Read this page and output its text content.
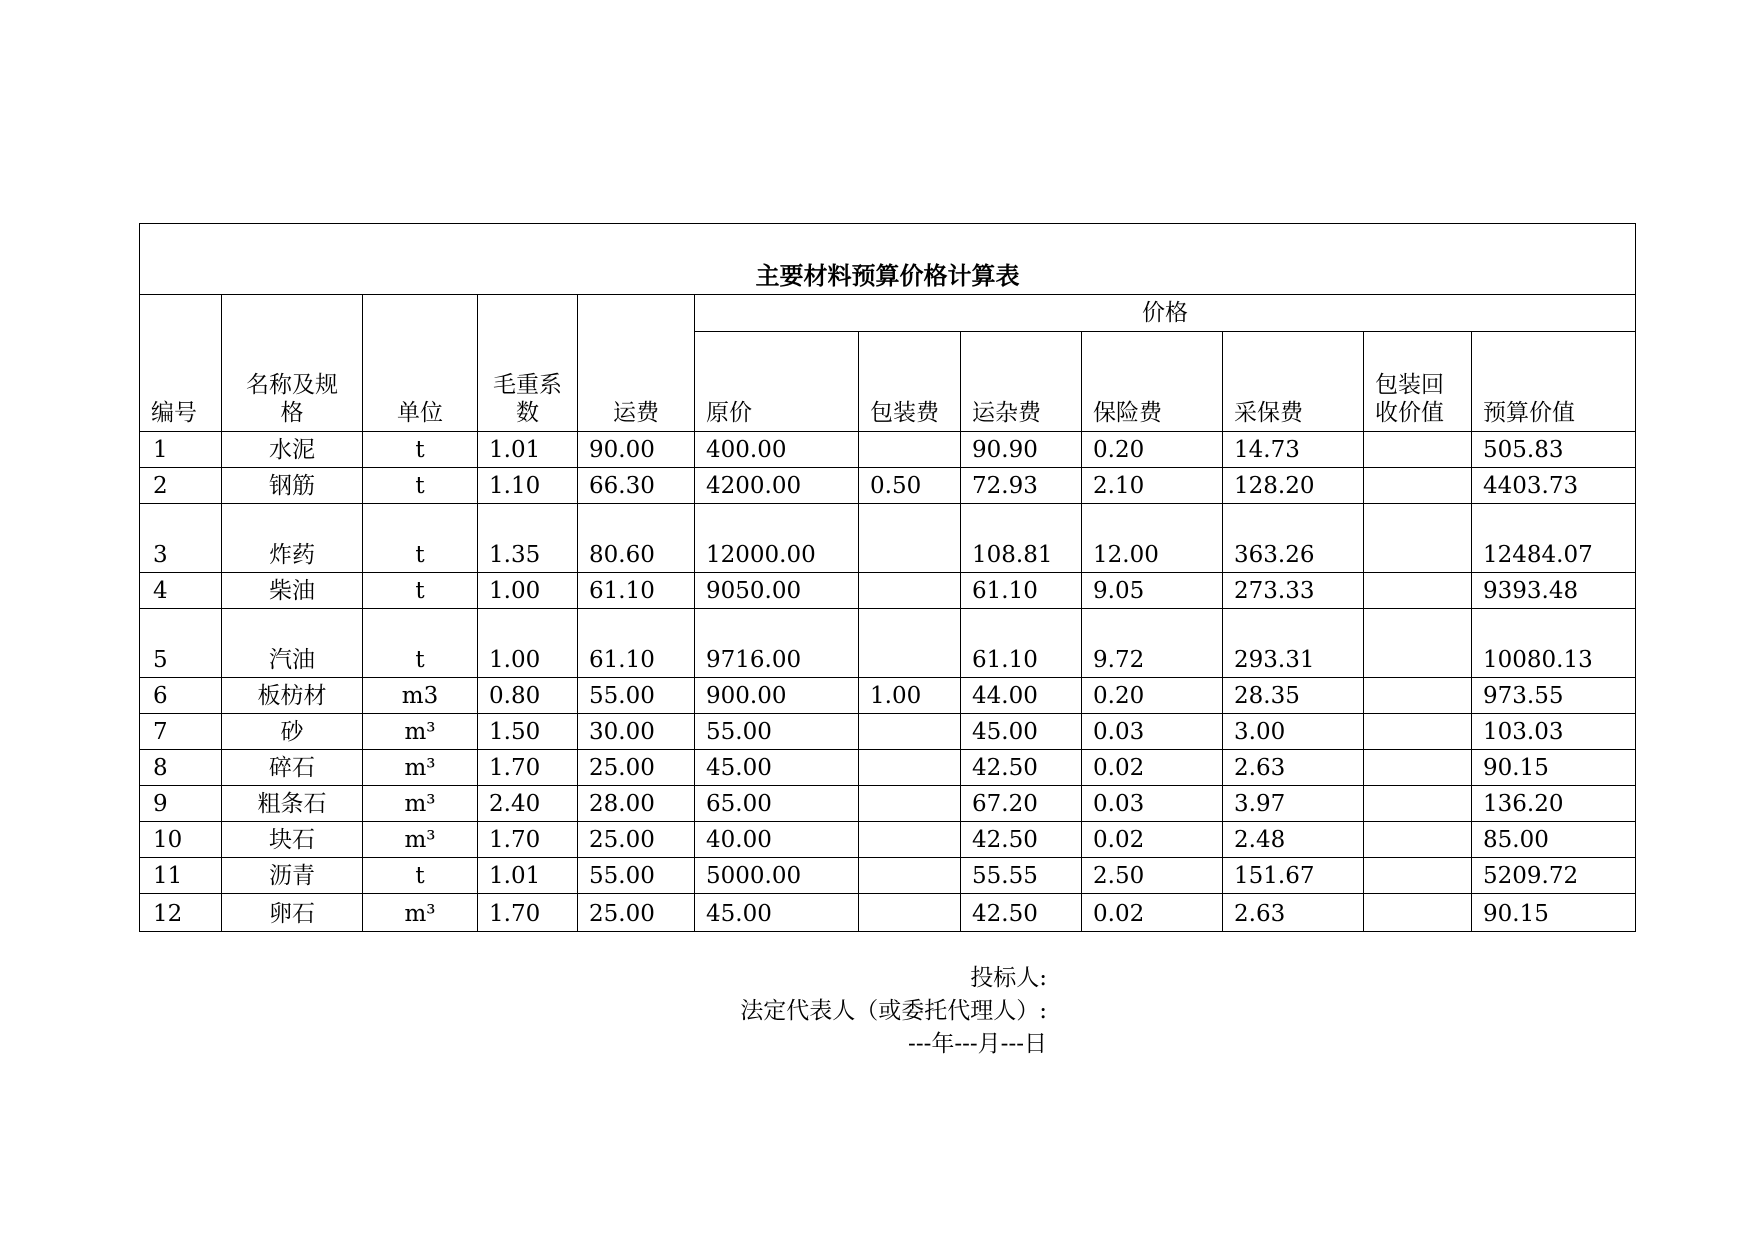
主要材料预算价格计算表											
编号	名称及规格	单位	毛重系数	运费	价格						
					原价	包装费	运杂费	保险费	采保费	包装回收价值	预算价值
1	水泥	t	1.01	90.00	400.00		90.90	0.20	14.73		505.83
2	钢筋	t	1.10	66.30	4200.00	0.50	72.93	2.10	128.20		4403.73
3	炸药	t	1.35	80.60	12000.00		108.81	12.00	363.26		12484.07
4	柴油	t	1.00	61.10	9050.00		61.10	9.05	273.33		9393.48
5	汽油	t	1.00	61.10	9716.00		61.10	9.72	293.31		10080.13
6	板枋材	m3	0.80	55.00	900.00	1.00	44.00	0.20	28.35		973.55
7	砂	m³	1.50	30.00	55.00		45.00	0.03	3.00		103.03
8	碎石	m³	1.70	25.00	45.00		42.50	0.02	2.63		90.15
9	粗条石	m³	2.40	28.00	65.00		67.20	0.03	3.97		136.20
10	块石	m³	1.70	25.00	40.00		42.50	0.02	2.48		85.00
11	沥青	t	1.01	55.00	5000.00		55.55	2.50	151.67		5209.72
12	卵石	m³	1.70	25.00	45.00		42.50	0.02	2.63		90.15
投标人:
法定代表人（或委托代理人）:
---年---月---日
